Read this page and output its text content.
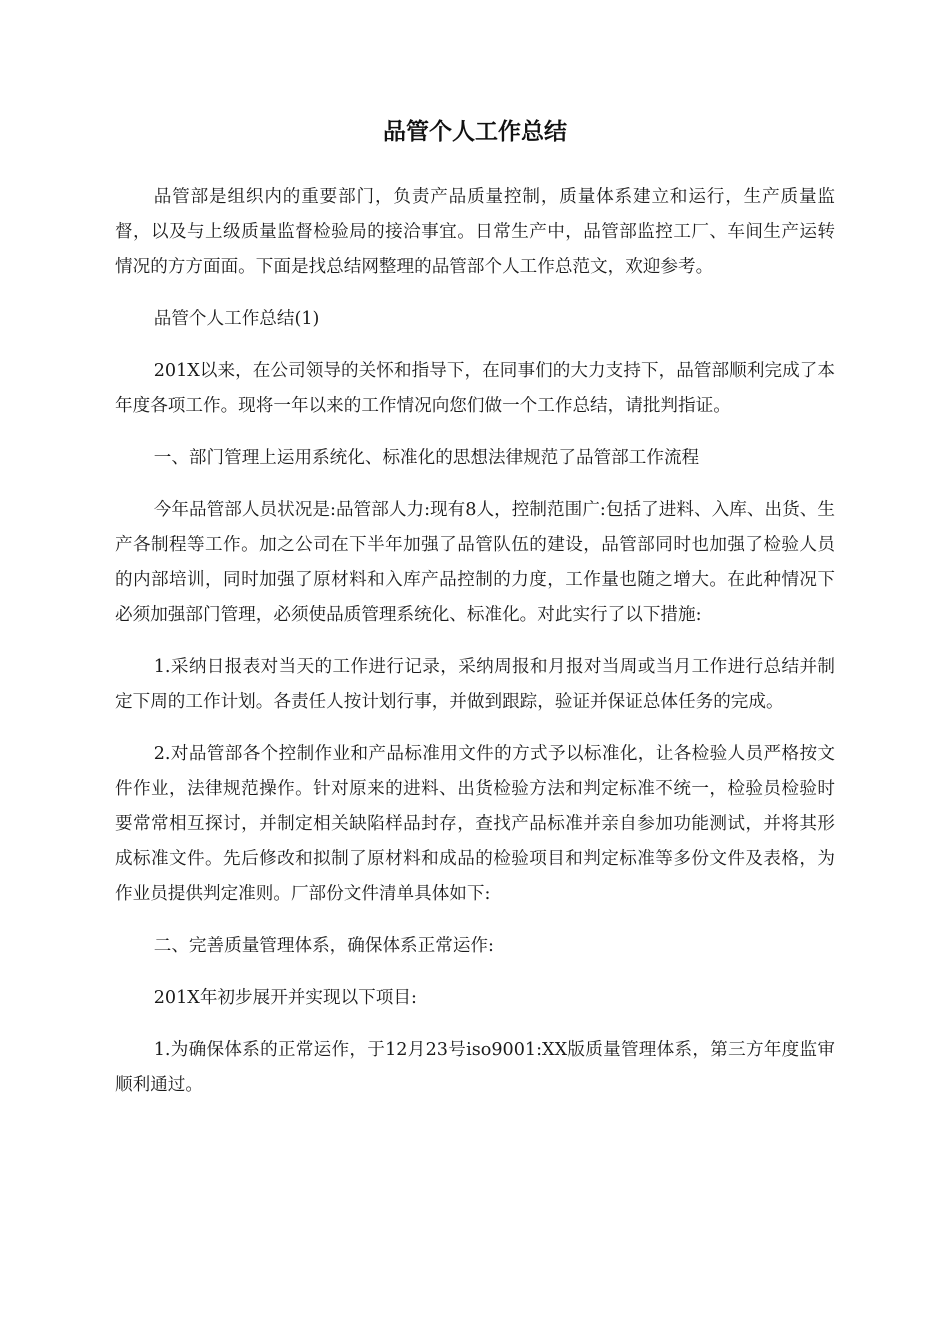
品管个人工作总结

品管部是组织内的重要部门，负责产品质量控制，质量体系建立和运行，生产质量监督，以及与上级质量监督检验局的接洽事宜。日常生产中，品管部监控工厂、车间生产运转情况的方方面面。下面是找总结网整理的品管部个人工作总范文，欢迎参考。

品管个人工作总结(1)

201X以来，在公司领导的关怀和指导下，在同事们的大力支持下，品管部顺利完成了本年度各项工作。现将一年以来的工作情况向您们做一个工作总结，请批判指证。

一、部门管理上运用系统化、标准化的思想法律规范了品管部工作流程

今年品管部人员状况是:品管部人力:现有8人，控制范围广:包括了进料、入库、出货、生产各制程等工作。加之公司在下半年加强了品管队伍的建设，品管部同时也加强了检验人员的内部培训，同时加强了原材料和入库产品控制的力度，工作量也随之增大。在此种情况下必须加强部门管理，必须使品质管理系统化、标准化。对此实行了以下措施:

1.采纳日报表对当天的工作进行记录，采纳周报和月报对当周或当月工作进行总结并制定下周的工作计划。各责任人按计划行事，并做到跟踪，验证并保证总体任务的完成。

2.对品管部各个控制作业和产品标准用文件的方式予以标准化，让各检验人员严格按文件作业，法律规范操作。针对原来的进料、出货检验方法和判定标准不统一，检验员检验时要常常相互探讨，并制定相关缺陷样品封存，查找产品标准并亲自参加功能测试，并将其形成标准文件。先后修改和拟制了原材料和成品的检验项目和判定标准等多份文件及表格，为作业员提供判定准则。厂部份文件清单具体如下:

二、完善质量管理体系，确保体系正常运作:

201X年初步展开并实现以下项目:

1.为确保体系的正常运作，于12月23号iso9001:XX版质量管理体系，第三方年度监审顺利通过。
